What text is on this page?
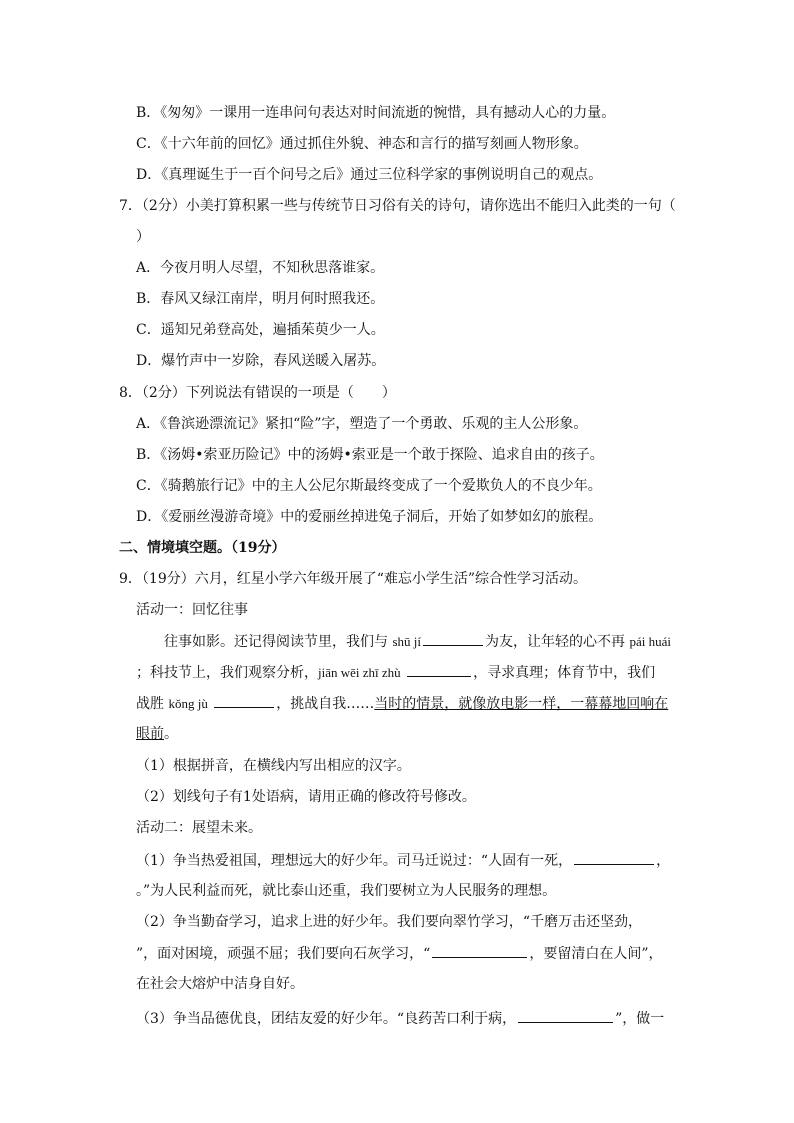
B．《匆匆》一课用一连串问句表达对时间流逝的惋惜，具有撼动人心的力量。
C．《十六年前的回忆》通过抓住外貌、神态和言行的描写刻画人物形象。
D．《真理诞生于一百个问号之后》通过三位科学家的事例说明自己的观点。
7．（2分）小美打算积累一些与传统节日习俗有关的诗句，请你选出不能归入此类的一句（
）
A．今夜月明人尽望，不知秋思落谁家。
B．春风又绿江南岸，明月何时照我还。
C．遥知兄弟登高处，遍插茱萸少一人。
D．爆竹声中一岁除，春风送暖入屠苏。
8．（2分）下列说法有错误的一项是（　　）
A．《鲁滨逊漂流记》紧扣“险”字，塑造了一个勇敢、乐观的主人公形象。
B．《汤姆•索亚历险记》中的汤姆•索亚是一个敢于探险、追求自由的孩子。
C．《骑鹅旅行记》中的主人公尼尔斯最终变成了一个爱欺负人的不良少年。
D．《爱丽丝漫游奇境》中的爱丽丝掉进兔子洞后，开始了如梦如幻的旅程。
二、情境填空题。（19分）
9．（19分）六月，红星小学六年级开展了“难忘小学生活”综合性学习活动。
活动一：回忆往事
往事如影。还记得阅读节里，我们与 shū jí	为友，让年轻的心不再 pái huái
；科技节上，我们观察分析，jiān wēi zhī zhù	，寻求真理；体育节中，我们
战胜 kǒng jù	，挑战自我……当时的情景，就像放电影一样，一幕幕地回响在
眼前。
（1）根据拼音，在横线内写出相应的汉字。
（2）划线句子有1处语病，请用正确的修改符号修改。
活动二：展望未来。
（1）争当热爱祖国，理想远大的好少年。司马迁说过：“人固有一死，	，
。”为人民利益而死，就比泰山还重，我们要树立为人民服务的理想。
（2）争当勤奋学习，追求上进的好少年。我们要向翠竹学习，“千磨万击还坚劲，
”，面对困境，顽强不屈；我们要向石灰学习，“	，要留清白在人间”，
在社会大熔炉中洁身自好。
（3）争当品德优良，团结友爱的好少年。“良药苦口利于病，	”，做一
